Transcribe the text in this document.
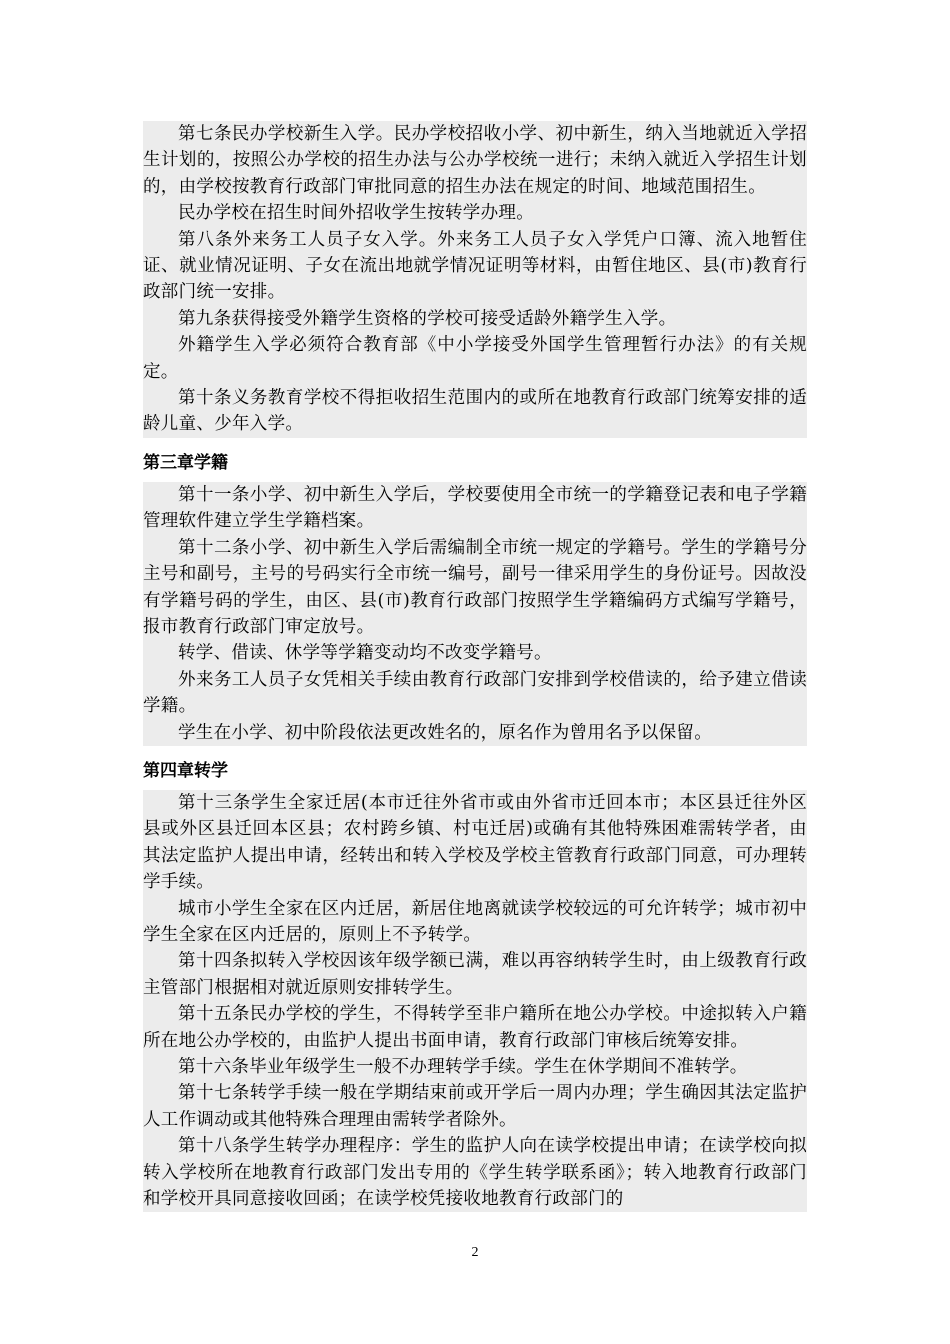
第七条民办学校新生入学。民办学校招收小学、初中新生，纳入当地就近入学招生计划的，按照公办学校的招生办法与公办学校统一进行；未纳入就近入学招生计划的，由学校按教育行政部门审批同意的招生办法在规定的时间、地域范围招生。

民办学校在招生时间外招收学生按转学办理。

第八条外来务工人员子女入学。外来务工人员子女入学凭户口簿、流入地暂住证、就业情况证明、子女在流出地就学情况证明等材料，由暂住地区、县(市)教育行政部门统一安排。

第九条获得接受外籍学生资格的学校可接受适龄外籍学生入学。

外籍学生入学必须符合教育部《中小学接受外国学生管理暂行办法》的有关规定。

第十条义务教育学校不得拒收招生范围内的或所在地教育行政部门统筹安排的适龄儿童、少年入学。

第三章学籍

第十一条小学、初中新生入学后，学校要使用全市统一的学籍登记表和电子学籍管理软件建立学生学籍档案。

第十二条小学、初中新生入学后需编制全市统一规定的学籍号。学生的学籍号分主号和副号，主号的号码实行全市统一编号，副号一律采用学生的身份证号。因故没有学籍号码的学生，由区、县(市)教育行政部门按照学生学籍编码方式编写学籍号，报市教育行政部门审定放号。

转学、借读、休学等学籍变动均不改变学籍号。

外来务工人员子女凭相关手续由教育行政部门安排到学校借读的，给予建立借读学籍。

学生在小学、初中阶段依法更改姓名的，原名作为曾用名予以保留。

第四章转学

第十三条学生全家迁居(本市迁往外省市或由外省市迁回本市；本区县迁往外区县或外区县迁回本区县；农村跨乡镇、村屯迁居)或确有其他特殊困难需转学者，由其法定监护人提出申请，经转出和转入学校及学校主管教育行政部门同意，可办理转学手续。

城市小学生全家在区内迁居，新居住地离就读学校较远的可允许转学；城市初中学生全家在区内迁居的，原则上不予转学。

第十四条拟转入学校因该年级学额已满，难以再容纳转学生时，由上级教育行政主管部门根据相对就近原则安排转学生。

第十五条民办学校的学生，不得转学至非户籍所在地公办学校。中途拟转入户籍所在地公办学校的，由监护人提出书面申请，教育行政部门审核后统筹安排。

第十六条毕业年级学生一般不办理转学手续。学生在休学期间不准转学。

第十七条转学手续一般在学期结束前或开学后一周内办理；学生确因其法定监护人工作调动或其他特殊合理理由需转学者除外。

第十八条学生转学办理程序：学生的监护人向在读学校提出申请；在读学校向拟转入学校所在地教育行政部门发出专用的《学生转学联系函》；转入地教育行政部门和学校开具同意接收回函；在读学校凭接收地教育行政部门的

2
